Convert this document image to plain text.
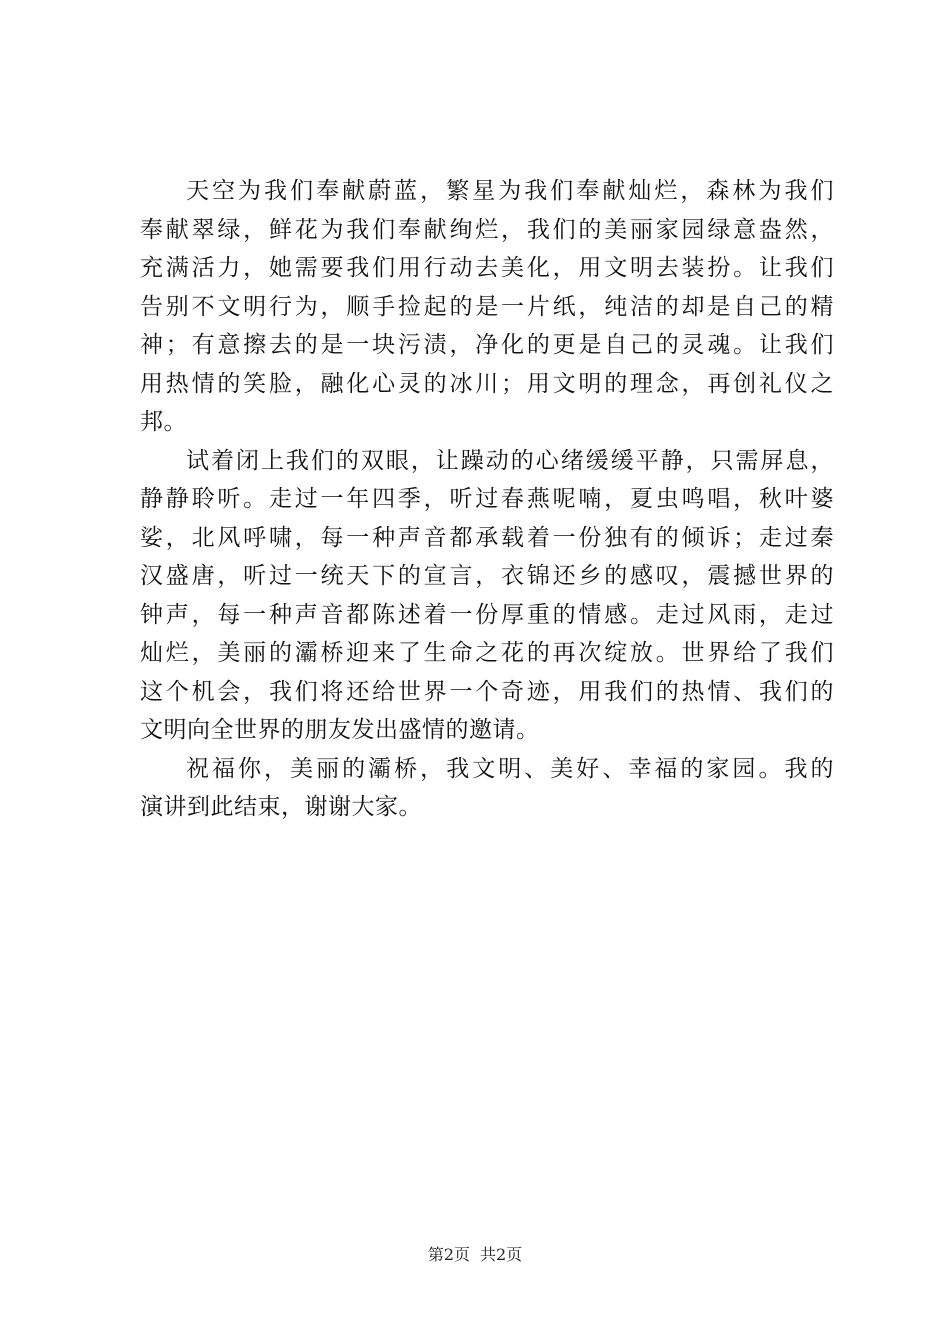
天空为我们奉献蔚蓝，繁星为我们奉献灿烂，森林为我们
奉献翠绿，鲜花为我们奉献绚烂，我们的美丽家园绿意盎然，
充满活力，她需要我们用行动去美化，用文明去装扮。让我们
告别不文明行为，顺手捡起的是一片纸，纯洁的却是自己的精
神；有意擦去的是一块污渍，净化的更是自己的灵魂。让我们
用热情的笑脸，融化心灵的冰川；用文明的理念，再创礼仪之
邦。
试着闭上我们的双眼，让躁动的心绪缓缓平静，只需屏息，
静静聆听。走过一年四季，听过春燕呢喃，夏虫鸣唱，秋叶婆
娑，北风呼啸，每一种声音都承载着一份独有的倾诉；走过秦
汉盛唐，听过一统天下的宣言，衣锦还乡的感叹，震撼世界的
钟声，每一种声音都陈述着一份厚重的情感。走过风雨，走过
灿烂，美丽的灞桥迎来了生命之花的再次绽放。世界给了我们
这个机会，我们将还给世界一个奇迹，用我们的热情、我们的
文明向全世界的朋友发出盛情的邀请。
祝福你，美丽的灞桥，我文明、美好、幸福的家园。我的
演讲到此结束，谢谢大家。
第2页 共2页
